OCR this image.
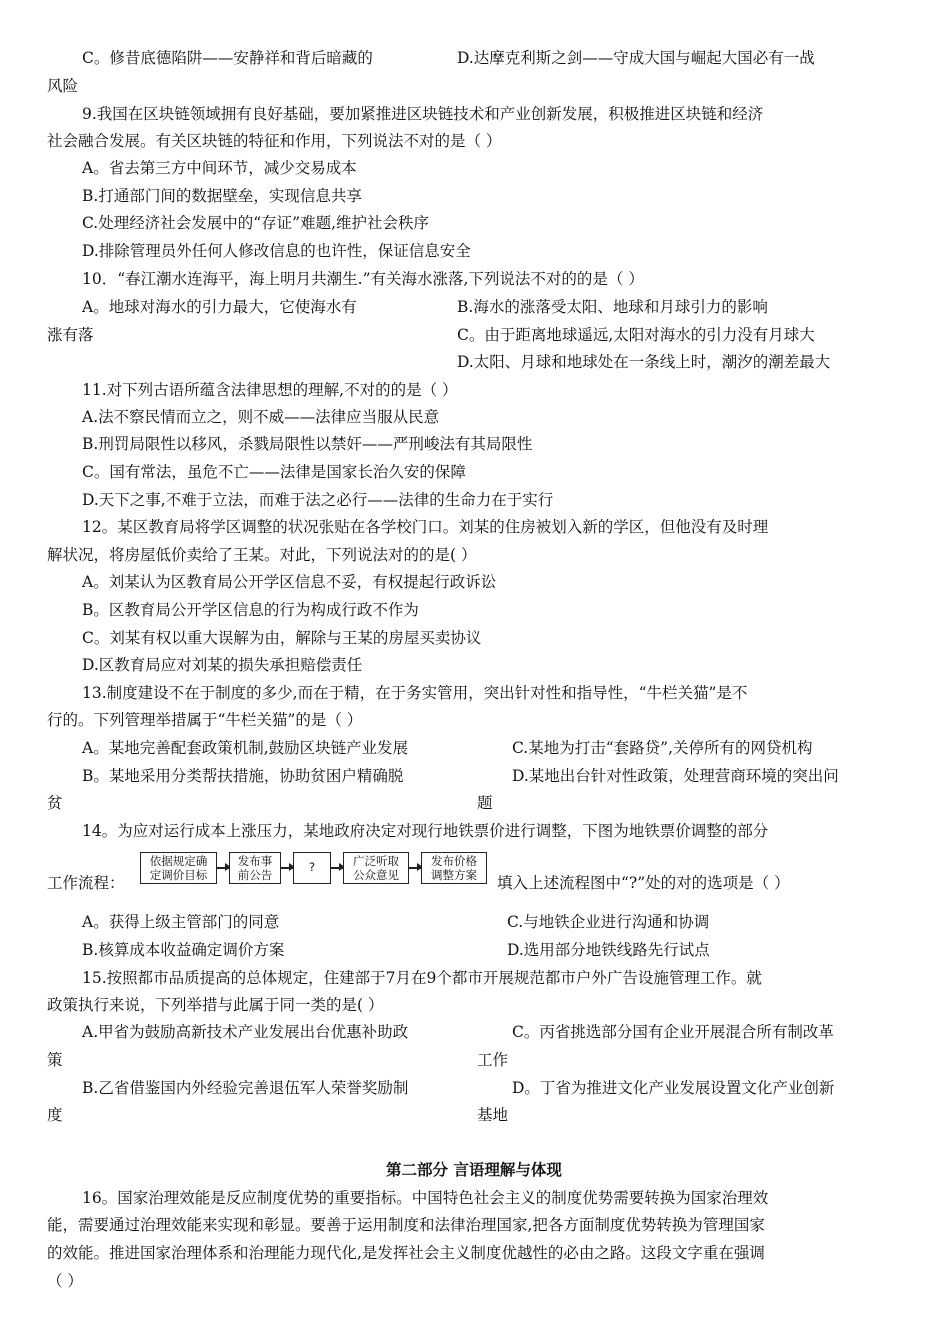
C。修昔底德陷阱——安静祥和背后暗藏的	D.达摩克利斯之剑——守成大国与崛起大国必有一战
风险
9.我国在区块链领域拥有良好基础，要加紧推进区块链技术和产业创新发展，积极推进区块链和经济
社会融合发展。有关区块链的特征和作用，下列说法不对的是（ ）
A。省去第三方中间环节，减少交易成本
B.打通部门间的数据壁垒，实现信息共享
C.处理经济社会发展中的“存证”难题,维护社会秩序
D.排除管理员外任何人修改信息的也许性，保证信息安全
10．“春江潮水连海平，海上明月共潮生.”有关海水涨落,下列说法不对的的是（ ）
A。地球对海水的引力最大，它使海水有	B.海水的涨落受太阳、地球和月球引力的影响
涨有落	C。由于距离地球遥远,太阳对海水的引力没有月球大
D.太阳、月球和地球处在一条线上时，潮汐的潮差最大
11.对下列古语所蕴含法律思想的理解,不对的的是（ ）
A.法不察民情而立之，则不威——法律应当服从民意
B.刑罚局限性以移风，杀戮局限性以禁奸——严刑峻法有其局限性
C。国有常法，虽危不亡——法律是国家长治久安的保障
D.天下之事,不难于立法，而难于法之必行——法律的生命力在于实行
12。某区教育局将学区调整的状况张贴在各学校门口。刘某的住房被划入新的学区，但他没有及时理
解状况，将房屋低价卖给了王某。对此，下列说法对的的是( ）
A。刘某认为区教育局公开学区信息不妥，有权提起行政诉讼
B。区教育局公开学区信息的行为构成行政不作为
C。刘某有权以重大误解为由，解除与王某的房屋买卖协议
D.区教育局应对刘某的损失承担赔偿责任
13.制度建设不在于制度的多少,而在于精，在于务实管用，突出针对性和指导性，“牛栏关猫”是不
行的。下列管理举措属于“牛栏关猫”的是（ ）
A。某地完善配套政策机制,鼓励区块链产业发展	C.某地为打击“套路贷”,关停所有的网贷机构
B。某地采用分类帮扶措施，协助贫困户精确脱	D.某地出台针对性政策，处理营商环境的突出问
贫	题
14。为应对运行成本上涨压力，某地政府决定对现行地铁票价进行调整，下图为地铁票价调整的部分
工作流程：
依据规定确
定调价目标
发布事
前公告
?	广泛听取
公众意见
发布价格
调整方案	填入上述流程图中“?”处的对的选项是（ ）
A。获得上级主管部门的同意	C.与地铁企业进行沟通和协调
B.核算成本收益确定调价方案	D.选用部分地铁线路先行试点
15.按照都市品质提高的总体规定，住建部于7月在9个都市开展规范都市户外广告设施管理工作。就
政策执行来说，下列举措与此属于同一类的是( ）
A.甲省为鼓励高新技术产业发展出台优惠补助政	C。丙省挑选部分国有企业开展混合所有制改革
策	工作
B.乙省借鉴国内外经验完善退伍军人荣誉奖励制	D。丁省为推进文化产业发展设置文化产业创新
度	基地
第二部分 言语理解与体现
16。国家治理效能是反应制度优势的重要指标。中国特色社会主义的制度优势需要转换为国家治理效
能，需要通过治理效能来实现和彰显。要善于运用制度和法律治理国家,把各方面制度优势转换为管理国家
的效能。推进国家治理体系和治理能力现代化,是发挥社会主义制度优越性的必由之路。这段文字重在强调
（ ）
